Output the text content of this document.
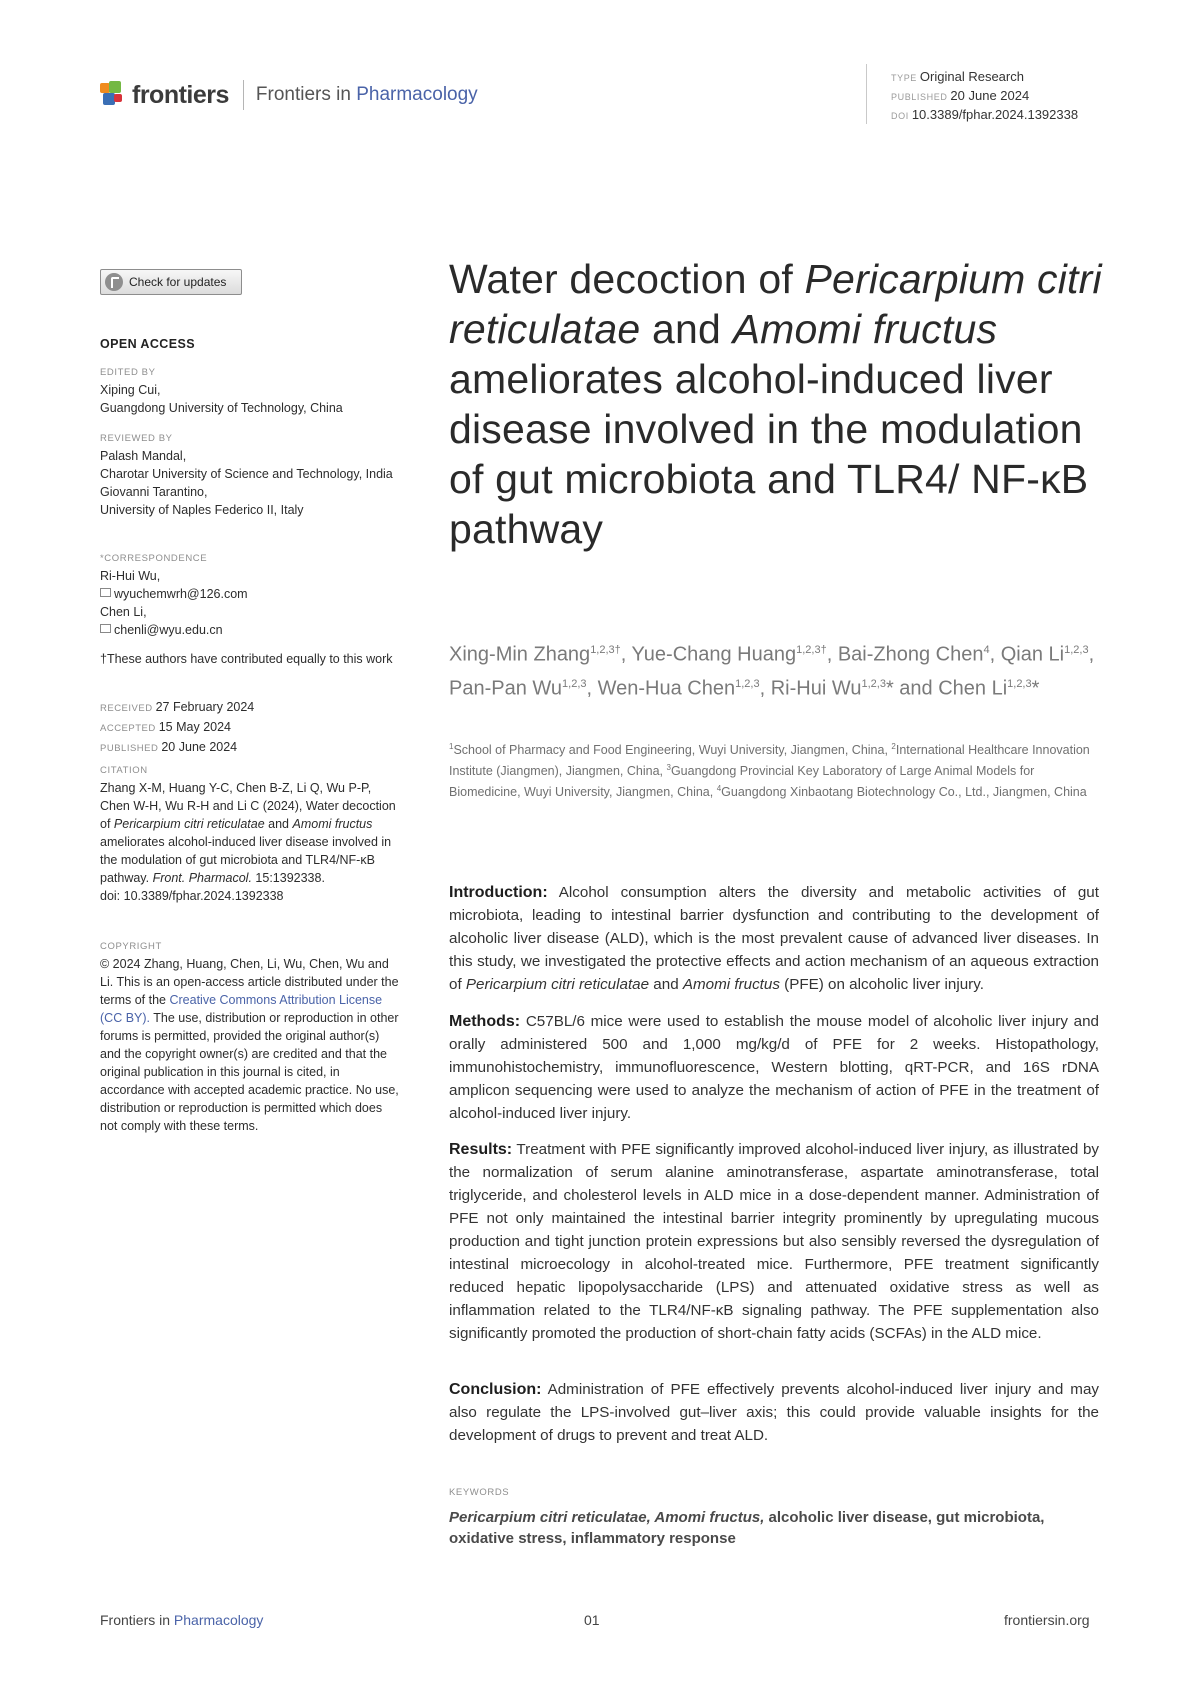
frontiers Frontiers in Pharmacology
TYPE Original Research
PUBLISHED 20 June 2024
DOI 10.3389/fphar.2024.1392338
Check for updates
OPEN ACCESS
EDITED BY
Xiping Cui,
Guangdong University of Technology, China
REVIEWED BY
Palash Mandal,
Charotar University of Science and Technology, India
Giovanni Tarantino,
University of Naples Federico II, Italy
*CORRESPONDENCE
Ri-Hui Wu,
wyuchemwrh@126.com
Chen Li,
chenli@wyu.edu.cn
†These authors have contributed equally to this work
RECEIVED 27 February 2024
ACCEPTED 15 May 2024
PUBLISHED 20 June 2024
CITATION
Zhang X-M, Huang Y-C, Chen B-Z, Li Q, Wu P-P, Chen W-H, Wu R-H and Li C (2024), Water decoction of Pericarpium citri reticulatae and Amomi fructus ameliorates alcohol-induced liver disease involved in the modulation of gut microbiota and TLR4/NF-κB pathway. Front. Pharmacol. 15:1392338.
doi: 10.3389/fphar.2024.1392338
COPYRIGHT
© 2024 Zhang, Huang, Chen, Li, Wu, Chen, Wu and Li. This is an open-access article distributed under the terms of the Creative Commons Attribution License (CC BY). The use, distribution or reproduction in other forums is permitted, provided the original author(s) and the copyright owner(s) are credited and that the original publication in this journal is cited, in accordance with accepted academic practice. No use, distribution or reproduction is permitted which does not comply with these terms.
Water decoction of Pericarpium citri reticulatae and Amomi fructus ameliorates alcohol-induced liver disease involved in the modulation of gut microbiota and TLR4/ NF-κB pathway
Xing-Min Zhang$^{1,2,3\dagger}$, Yue-Chang Huang$^{1,2,3\dagger}$, Bai-Zhong Chen$^4$, Qian Li$^{1,2,3}$, Pan-Pan Wu$^{1,2,3}$, Wen-Hua Chen$^{1,2,3}$, Ri-Hui Wu$^{1,2,3}$* and Chen Li$^{1,2,3}$*
$^1$School of Pharmacy and Food Engineering, Wuyi University, Jiangmen, China, $^2$International Healthcare Innovation Institute (Jiangmen), Jiangmen, China, $^3$Guangdong Provincial Key Laboratory of Large Animal Models for Biomedicine, Wuyi University, Jiangmen, China, $^4$Guangdong Xinbaotang Biotechnology Co., Ltd., Jiangmen, China
Introduction: Alcohol consumption alters the diversity and metabolic activities of gut microbiota, leading to intestinal barrier dysfunction and contributing to the development of alcoholic liver disease (ALD), which is the most prevalent cause of advanced liver diseases. In this study, we investigated the protective effects and action mechanism of an aqueous extraction of Pericarpium citri reticulatae and Amomi fructus (PFE) on alcoholic liver injury.
Methods: C57BL/6 mice were used to establish the mouse model of alcoholic liver injury and orally administered 500 and 1,000 mg/kg/d of PFE for 2 weeks. Histopathology, immunohistochemistry, immunofluorescence, Western blotting, qRT-PCR, and 16S rDNA amplicon sequencing were used to analyze the mechanism of action of PFE in the treatment of alcohol-induced liver injury.
Results: Treatment with PFE significantly improved alcohol-induced liver injury, as illustrated by the normalization of serum alanine aminotransferase, aspartate aminotransferase, total triglyceride, and cholesterol levels in ALD mice in a dose-dependent manner. Administration of PFE not only maintained the intestinal barrier integrity prominently by upregulating mucous production and tight junction protein expressions but also sensibly reversed the dysregulation of intestinal microecology in alcohol-treated mice. Furthermore, PFE treatment significantly reduced hepatic lipopolysaccharide (LPS) and attenuated oxidative stress as well as inflammation related to the TLR4/NF-κB signaling pathway. The PFE supplementation also significantly promoted the production of short-chain fatty acids (SCFAs) in the ALD mice.
Conclusion: Administration of PFE effectively prevents alcohol-induced liver injury and may also regulate the LPS-involved gut–liver axis; this could provide valuable insights for the development of drugs to prevent and treat ALD.
KEYWORDS
Pericarpium citri reticulatae, Amomi fructus, alcoholic liver disease, gut microbiota, oxidative stress, inflammatory response
Frontiers in Pharmacology	01	frontiersin.org
